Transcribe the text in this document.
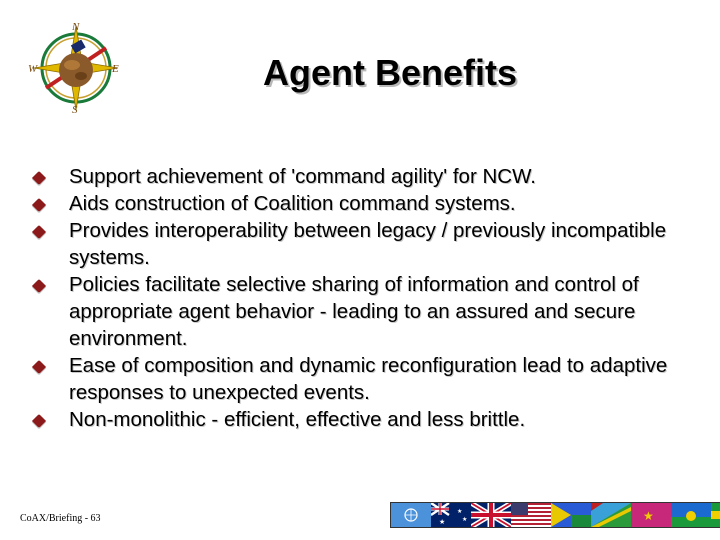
N
E
S
W	Agent Benefits
Support achievement of 'command agility' for NCW.
Aids construction of Coalition command systems.
Provides interoperability between legacy / previously incompatible systems.
Policies facilitate selective sharing of information and control of appropriate agent behavior - leading to an assured and secure environment.
Ease of composition and dynamic reconfiguration lead to adaptive responses to unexpected events.
Non-monolithic - efficient, effective and less brittle.
CoAX/Briefing - 63
★
★
★	★
